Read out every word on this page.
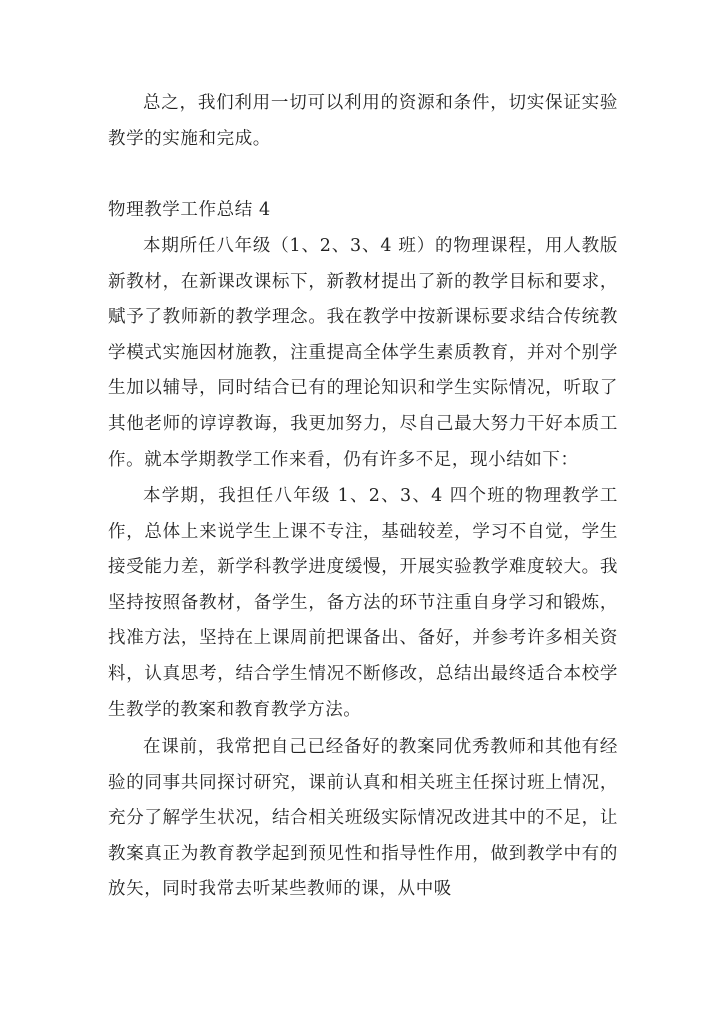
总之，我们利用一切可以利用的资源和条件，切实保证实验教学的实施和完成。

物理教学工作总结 4

本期所任八年级（1、2、3、4 班）的物理课程，用人教版新教材，在新课改课标下，新教材提出了新的教学目标和要求，赋予了教师新的教学理念。我在教学中按新课标要求结合传统教学模式实施因材施教，注重提高全体学生素质教育，并对个别学生加以辅导，同时结合已有的理论知识和学生实际情况，听取了其他老师的谆谆教诲，我更加努力，尽自己最大努力干好本质工作。就本学期教学工作来看，仍有许多不足，现小结如下：

本学期，我担任八年级 1、2、3、4 四个班的物理教学工作，总体上来说学生上课不专注，基础较差，学习不自觉，学生接受能力差，新学科教学进度缓慢，开展实验教学难度较大。我坚持按照备教材，备学生，备方法的环节注重自身学习和锻炼，找准方法，坚持在上课周前把课备出、备好，并参考许多相关资料，认真思考，结合学生情况不断修改，总结出最终适合本校学生教学的教案和教育教学方法。

在课前，我常把自己已经备好的教案同优秀教师和其他有经验的同事共同探讨研究，课前认真和相关班主任探讨班上情况，充分了解学生状况，结合相关班级实际情况改进其中的不足，让教案真正为教育教学起到预见性和指导性作用，做到教学中有的放矢，同时我常去听某些教师的课，从中吸
